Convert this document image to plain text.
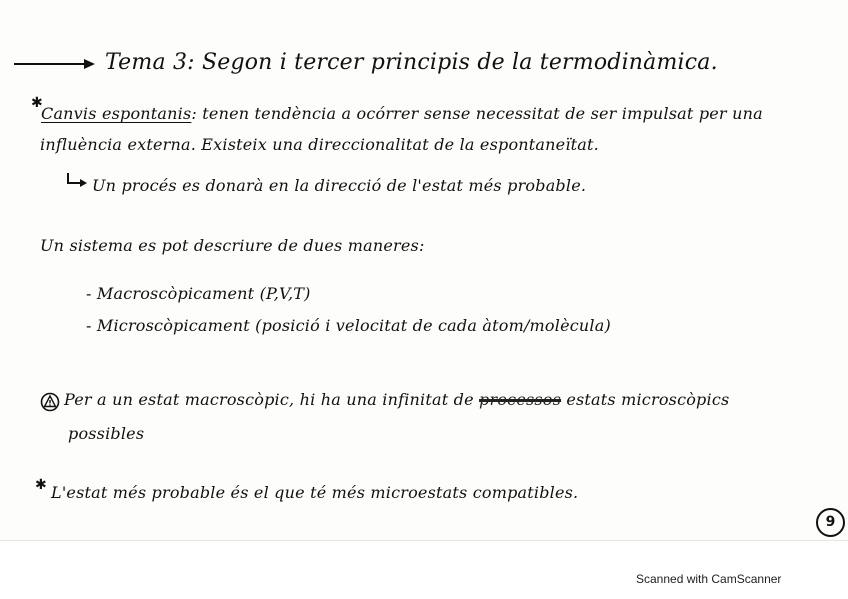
Tema 3: Segon i tercer principis de la termodinàmica.
✱
Canvis espontanis: tenen tendència a ocórrer sense necessitat de ser impulsat per una
influència externa. Existeix una direccionalitat de la espontaneïtat.
Un procés es donarà en la direcció de l'estat més probable.
Un sistema es pot descriure de dues maneres:
- Macroscòpicament (P,V,T)
- Microscòpicament (posició i velocitat de cada àtom/molècula)
Per a un estat macroscòpic, hi ha una infinitat de processos estats microscòpics
possibles
✱ L'estat més probable és el que té més microestats compatibles.
9
Scanned with CamScanner
